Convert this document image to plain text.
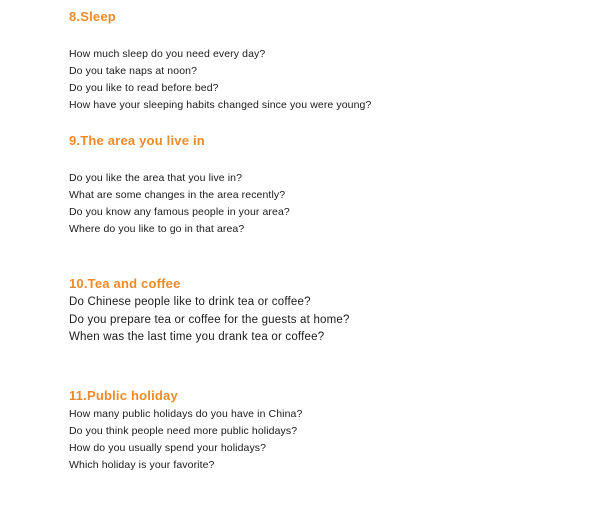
8.Sleep

How much sleep do you need every day?

Do you take naps at noon?

Do you like to read before bed?

How have your sleeping habits changed since you were young?

9.The area you live in

Do you like the area that you live in?

What are some changes in the area recently?

Do you know any famous people in your area?

Where do you like to go in that area?

10.Tea and coffee

Do Chinese people like to drink tea or coffee?

Do you prepare tea or coffee for the guests at home?

When was the last time you drank tea or coffee?

11.Public holiday

How many public holidays do you have in China?

Do you think people need more public holidays?

How do you usually spend your holidays?

Which holiday is your favorite?
